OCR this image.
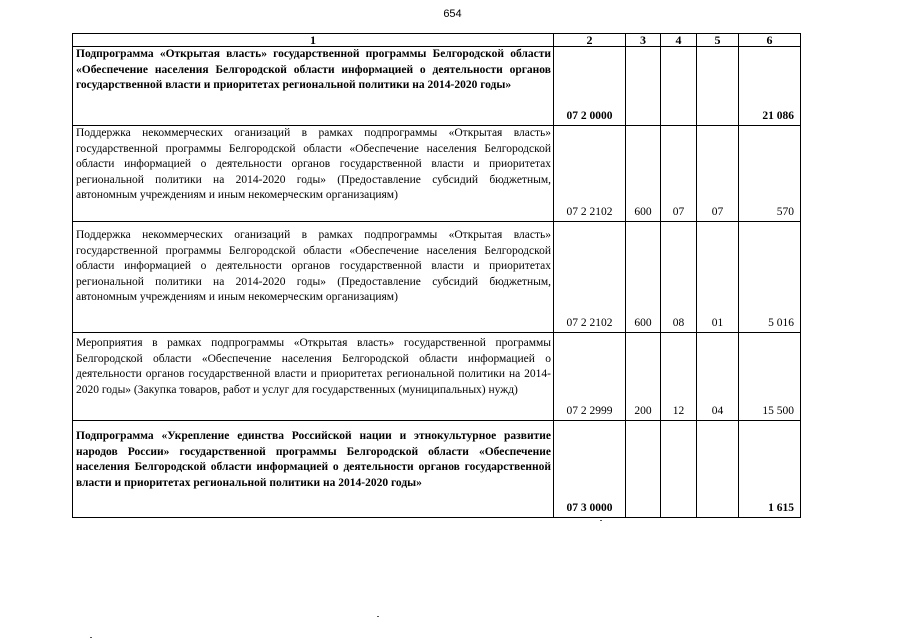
654
1	2	3	4	5	6
Подпрограмма «Открытая власть» государственной программы Белгородской области «Обеспечение населения Белгородской области информацией о деятельности органов государственной власти и приоритетах региональной политики на 2014-2020 годы»	07 2 0000				21 086
Поддержка некоммерческих оганизаций в рамках подпрограммы «Открытая власть» государственной программы Белгородской области «Обеспечение населения Белгородской области информацией о деятельности органов государственной власти и приоритетах региональной политики на 2014-2020 годы» (Предоставление субсидий бюджетным, автономным учреждениям и иным некомерческим организациям)	07 2 2102	600	07	07	570
Поддержка некоммерческих оганизаций в рамках подпрограммы «Открытая власть» государственной программы Белгородской области «Обеспечение населения Белгородской области информацией о деятельности органов государственной власти и приоритетах региональной политики на 2014-2020 годы» (Предоставление субсидий бюджетным, автономным учреждениям и иным некомерческим организациям)	07 2 2102	600	08	01	5 016
Мероприятия в рамках подпрограммы «Открытая власть» государственной программы Белгородской области «Обеспечение населения Белгородской области информацией о деятельности органов государственной власти и приоритетах региональной политики на 2014-2020 годы» (Закупка товаров, работ и услуг для государственных (муниципальных) нужд)	07 2 2999	200	12	04	15 500
Подпрограмма «Укрепление единства Российской нации и этнокультурное развитие народов России» государственной программы Белгородской области «Обеспечение населения Белгородской области информацией о деятельности органов государственной власти и приоритетах региональной политики на 2014-2020 годы»	07 3 0000				1 615
